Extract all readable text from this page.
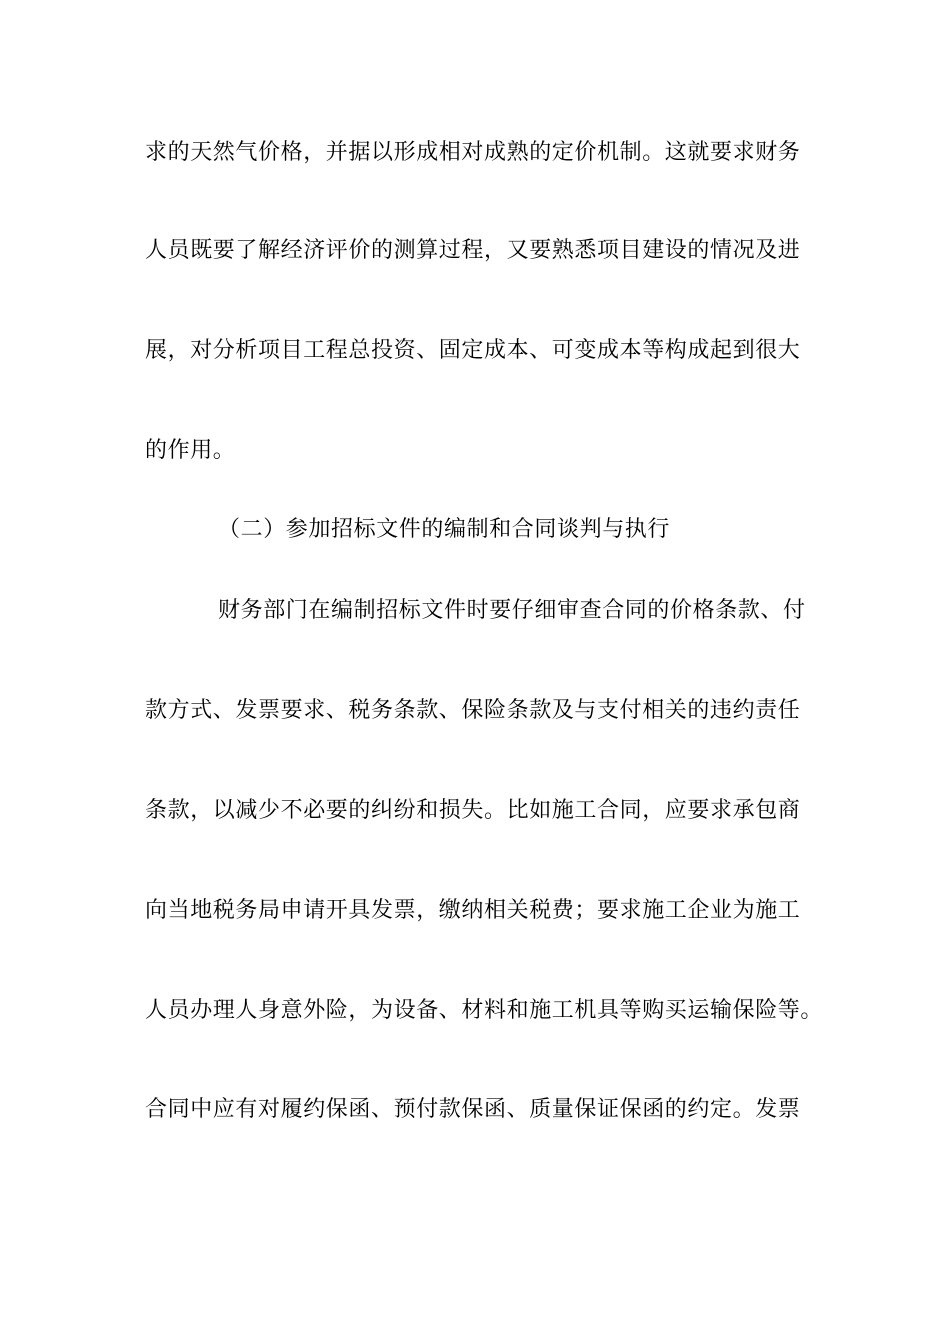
求的天然气价格，并据以形成相对成熟的定价机制。这就要求财务
人员既要了解经济评价的测算过程，又要熟悉项目建设的情况及进
展，对分析项目工程总投资、固定成本、可变成本等构成起到很大
的作用。
（二）参加招标文件的编制和合同谈判与执行
财务部门在编制招标文件时要仔细审查合同的价格条款、付
款方式、发票要求、税务条款、保险条款及与支付相关的违约责任
条款，以减少不必要的纠纷和损失。比如施工合同，应要求承包商
向当地税务局申请开具发票，缴纳相关税费；要求施工企业为施工
人员办理人身意外险，为设备、材料和施工机具等购买运输保险等。
合同中应有对履约保函、预付款保函、质量保证保函的约定。发票
